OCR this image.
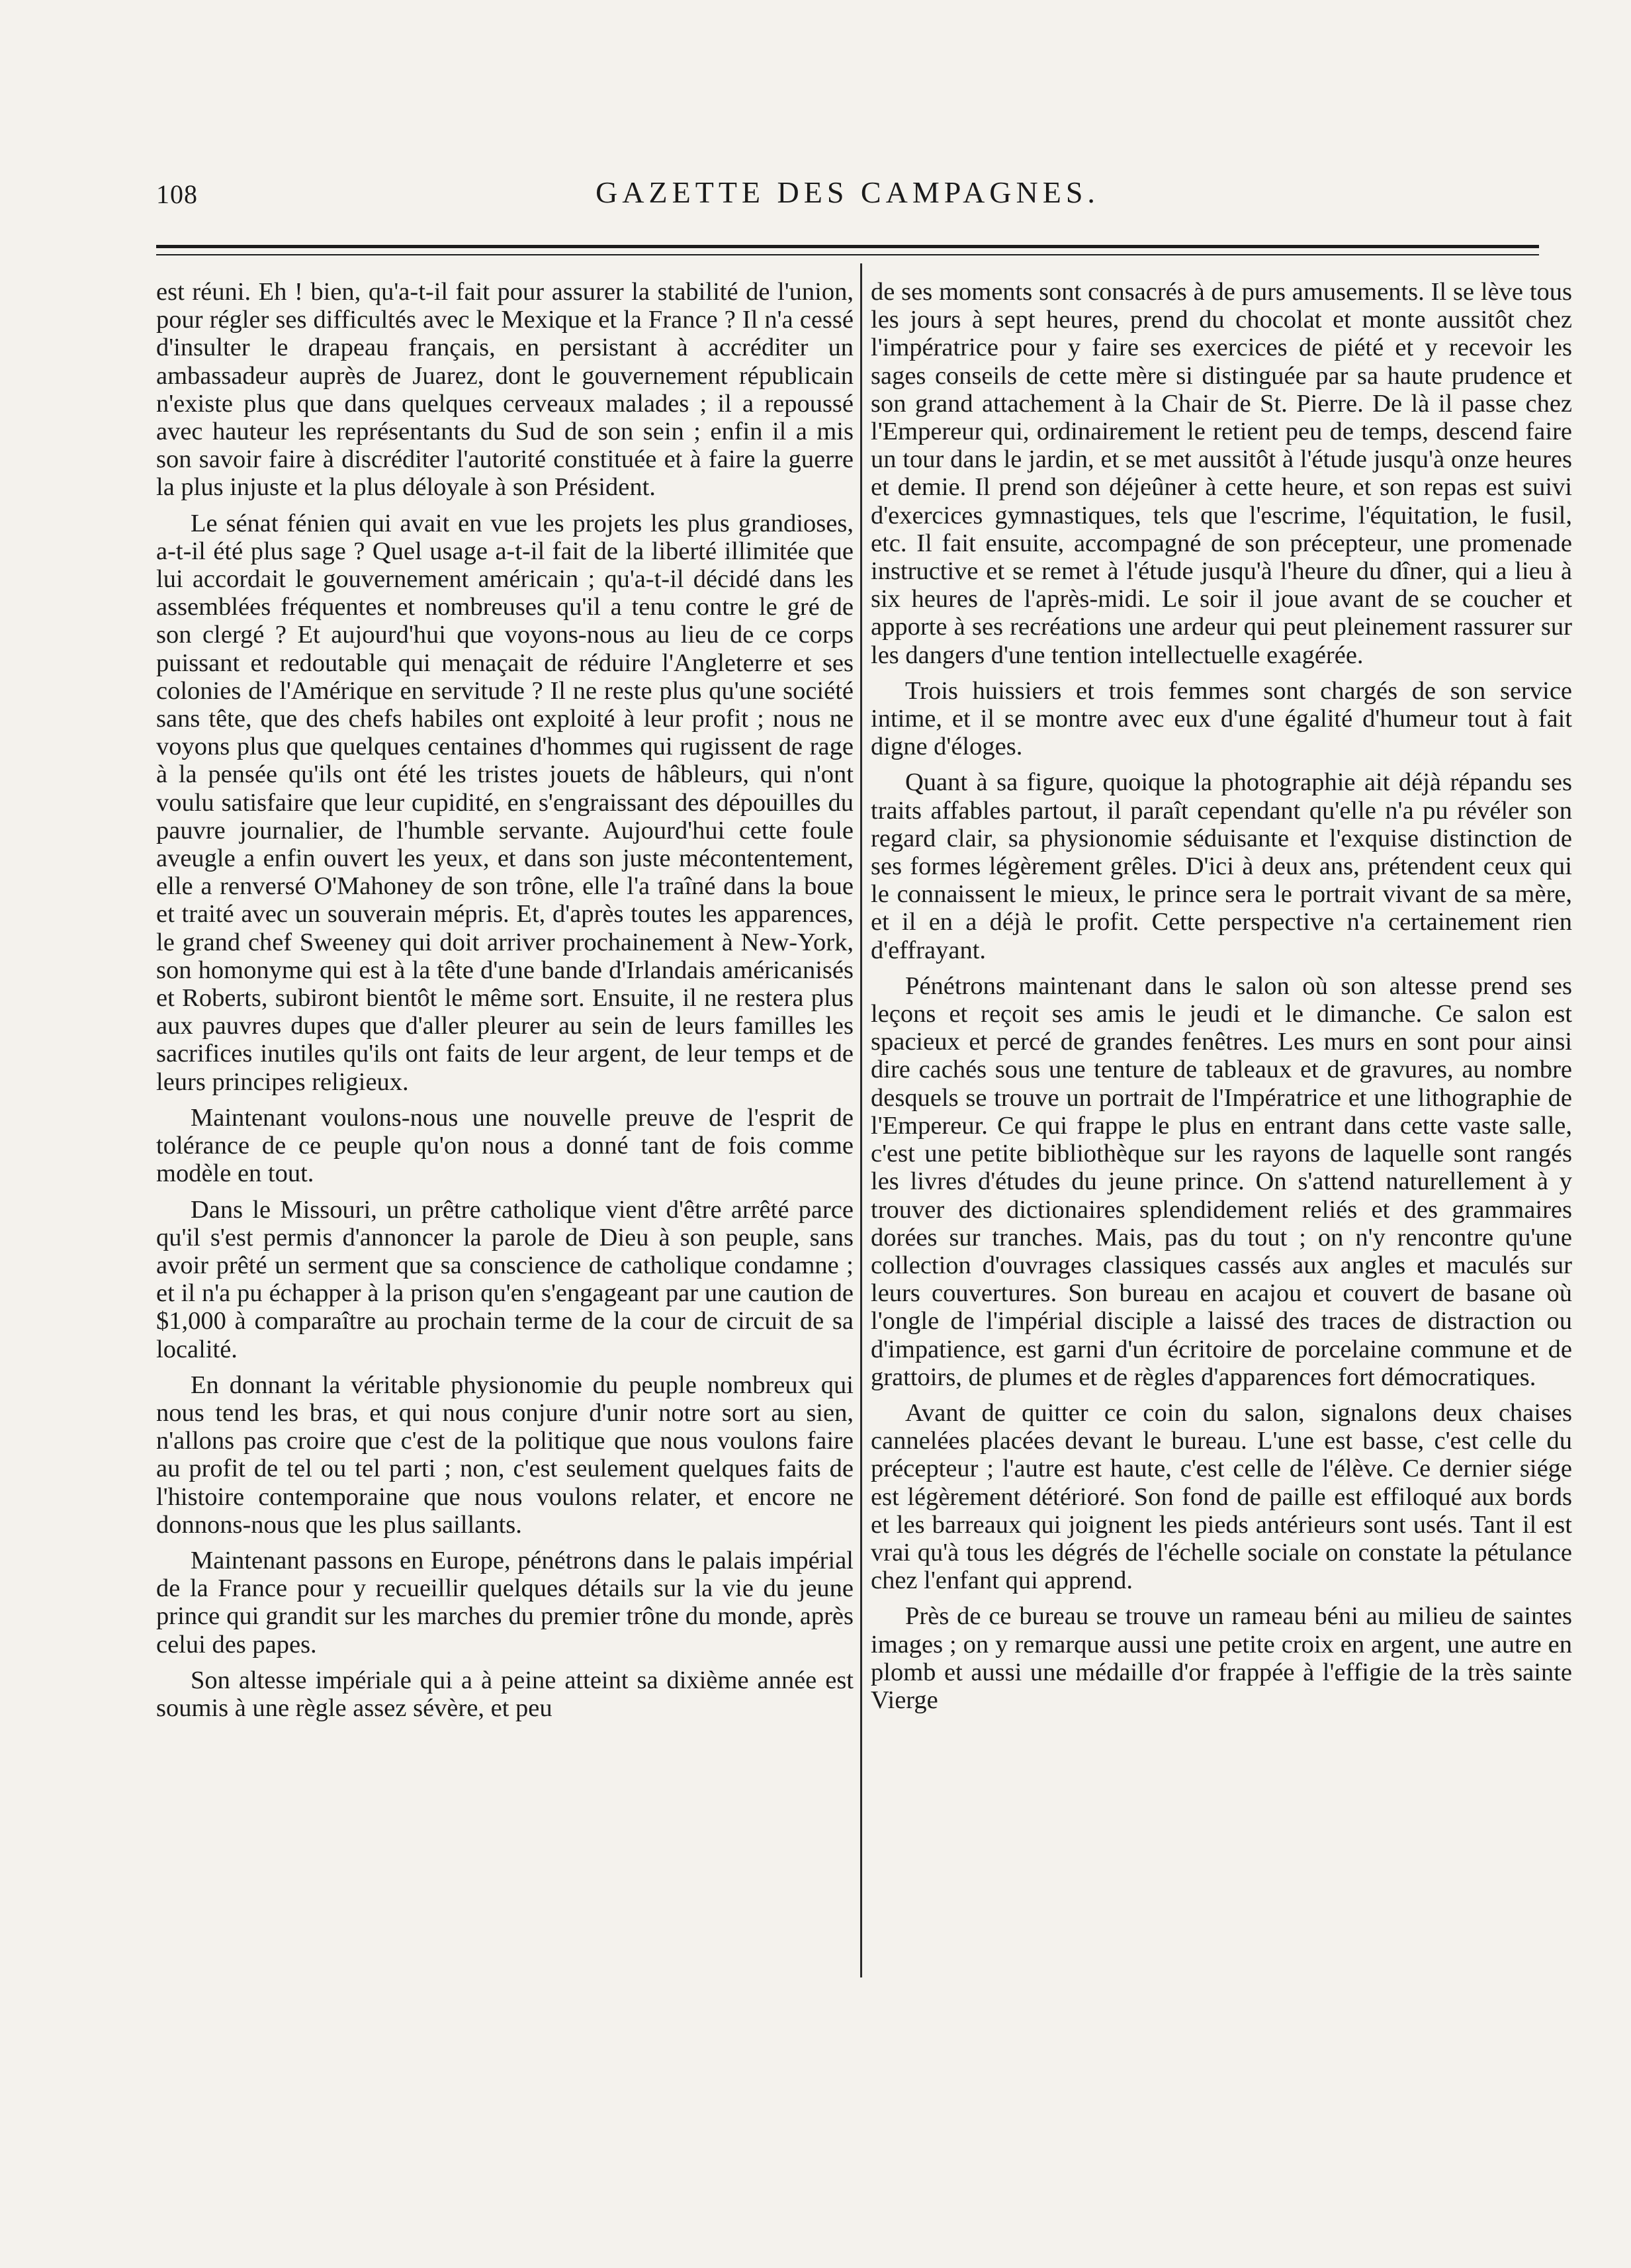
108	GAZETTE DES CAMPAGNES.

est réuni. Eh ! bien, qu'a-t-il fait pour assurer la stabilité de l'union, pour régler ses difficultés avec le Mexique et la France ? Il n'a cessé d'insulter le drapeau français, en persistant à accréditer un ambassadeur auprès de Juarez, dont le gouvernement républicain n'existe plus que dans quelques cerveaux malades ; il a repoussé avec hauteur les représentants du Sud de son sein ; enfin il a mis son savoir faire à discréditer l'autorité constituée et à faire la guerre la plus injuste et la plus déloyale à son Président.

Le sénat fénien qui avait en vue les projets les plus grandioses, a-t-il été plus sage ? Quel usage a-t-il fait de la liberté illimitée que lui accordait le gouvernement américain ; qu'a-t-il décidé dans les assemblées fréquentes et nombreuses qu'il a tenu contre le gré de son clergé ? Et aujourd'hui que voyons-nous au lieu de ce corps puissant et redoutable qui menaçait de réduire l'Angleterre et ses colonies de l'Amérique en servitude ? Il ne reste plus qu'une société sans tête, que des chefs habiles ont exploité à leur profit ; nous ne voyons plus que quelques centaines d'hommes qui rugissent de rage à la pensée qu'ils ont été les tristes jouets de hâbleurs, qui n'ont voulu satisfaire que leur cupidité, en s'engraissant des dépouilles du pauvre journalier, de l'humble servante. Aujourd'hui cette foule aveugle a enfin ouvert les yeux, et dans son juste mécontentement, elle a renversé O'Mahoney de son trône, elle l'a traîné dans la boue et traité avec un souverain mépris. Et, d'après toutes les apparences, le grand chef Sweeney qui doit arriver prochainement à New-York, son homonyme qui est à la tête d'une bande d'Irlandais américanisés et Roberts, subiront bientôt le même sort. Ensuite, il ne restera plus aux pauvres dupes que d'aller pleurer au sein de leurs familles les sacrifices inutiles qu'ils ont faits de leur argent, de leur temps et de leurs principes religieux.

Maintenant voulons-nous une nouvelle preuve de l'esprit de tolérance de ce peuple qu'on nous a donné tant de fois comme modèle en tout.

Dans le Missouri, un prêtre catholique vient d'être arrêté parce qu'il s'est permis d'annoncer la parole de Dieu à son peuple, sans avoir prêté un serment que sa conscience de catholique condamne ; et il n'a pu échapper à la prison qu'en s'engageant par une caution de $1,000 à comparaître au prochain terme de la cour de circuit de sa localité.

En donnant la véritable physionomie du peuple nombreux qui nous tend les bras, et qui nous conjure d'unir notre sort au sien, n'allons pas croire que c'est de la politique que nous voulons faire au profit de tel ou tel parti ; non, c'est seulement quelques faits de l'histoire contemporaine que nous voulons relater, et encore ne donnons-nous que les plus saillants.

Maintenant passons en Europe, pénétrons dans le palais impérial de la France pour y recueillir quelques détails sur la vie du jeune prince qui grandit sur les marches du premier trône du monde, après celui des papes.

Son altesse impériale qui a à peine atteint sa dixième année est soumis à une règle assez sévère, et peu

de ses moments sont consacrés à de purs amusements. Il se lève tous les jours à sept heures, prend du chocolat et monte aussitôt chez l'impératrice pour y faire ses exercices de piété et y recevoir les sages conseils de cette mère si distinguée par sa haute prudence et son grand attachement à la Chair de St. Pierre. De là il passe chez l'Empereur qui, ordinairement le retient peu de temps, descend faire un tour dans le jardin, et se met aussitôt à l'étude jusqu'à onze heures et demie. Il prend son déjeûner à cette heure, et son repas est suivi d'exercices gymnastiques, tels que l'escrime, l'équitation, le fusil, etc. Il fait ensuite, accompagné de son précepteur, une promenade instructive et se remet à l'étude jusqu'à l'heure du dîner, qui a lieu à six heures de l'après-midi. Le soir il joue avant de se coucher et apporte à ses recréations une ardeur qui peut pleinement rassurer sur les dangers d'une tention intellectuelle exagérée.

Trois huissiers et trois femmes sont chargés de son service intime, et il se montre avec eux d'une égalité d'humeur tout à fait digne d'éloges.

Quant à sa figure, quoique la photographie ait déjà répandu ses traits affables partout, il paraît cependant qu'elle n'a pu révéler son regard clair, sa physionomie séduisante et l'exquise distinction de ses formes légèrement grêles. D'ici à deux ans, prétendent ceux qui le connaissent le mieux, le prince sera le portrait vivant de sa mère, et il en a déjà le profit. Cette perspective n'a certainement rien d'effrayant.

Pénétrons maintenant dans le salon où son altesse prend ses leçons et reçoit ses amis le jeudi et le dimanche. Ce salon est spacieux et percé de grandes fenêtres. Les murs en sont pour ainsi dire cachés sous une tenture de tableaux et de gravures, au nombre desquels se trouve un portrait de l'Impératrice et une lithographie de l'Empereur. Ce qui frappe le plus en entrant dans cette vaste salle, c'est une petite bibliothèque sur les rayons de laquelle sont rangés les livres d'études du jeune prince. On s'attend naturellement à y trouver des dictionaires splendidement reliés et des grammaires dorées sur tranches. Mais, pas du tout ; on n'y rencontre qu'une collection d'ouvrages classiques cassés aux angles et maculés sur leurs couvertures. Son bureau en acajou et couvert de basane où l'ongle de l'impérial disciple a laissé des traces de distraction ou d'impatience, est garni d'un écritoire de porcelaine commune et de grattoirs, de plumes et de règles d'apparences fort démocratiques.

Avant de quitter ce coin du salon, signalons deux chaises cannelées placées devant le bureau. L'une est basse, c'est celle du précepteur ; l'autre est haute, c'est celle de l'élève. Ce dernier siége est légèrement détérioré. Son fond de paille est effiloqué aux bords et les barreaux qui joignent les pieds antérieurs sont usés. Tant il est vrai qu'à tous les dégrés de l'échelle sociale on constate la pétulance chez l'enfant qui apprend.

Près de ce bureau se trouve un rameau béni au milieu de saintes images ; on y remarque aussi une petite croix en argent, une autre en plomb et aussi une médaille d'or frappée à l'effigie de la très sainte Vierge
